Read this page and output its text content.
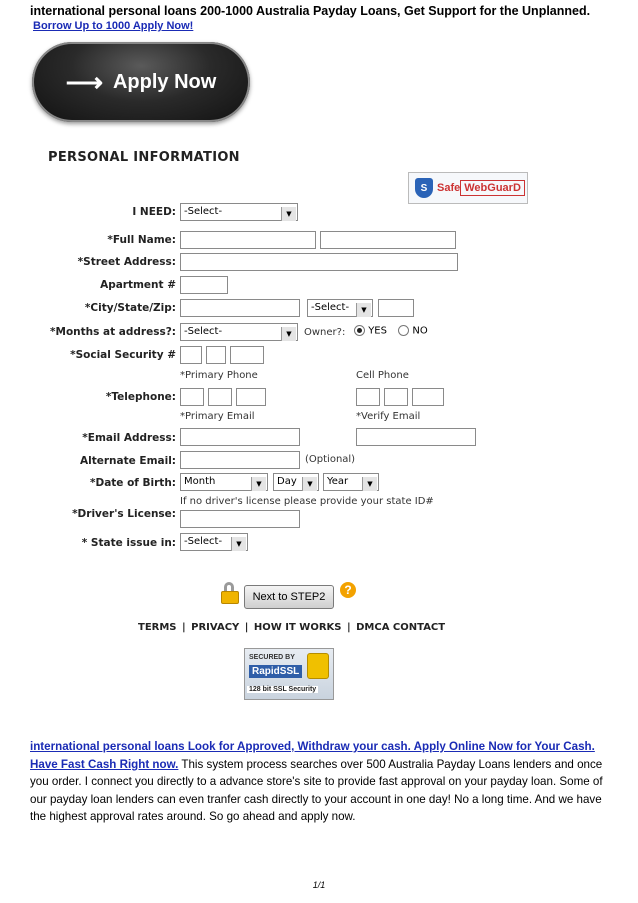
international personal loans 200-1000 Australia Payday Loans, Get Support for the Unplanned.
Borrow Up to 1000 Apply Now!
⟶ Apply Now
PERSONAL INFORMATION
S Safe WebGuarD
I NEED: -Select-	▼
*Full Name:
*Street Address:
Apartment #
*City/State/Zip:	-Select-	▼
*Months at address?: -Select-	▼	Owner?:	YES	NO
*Social Security #
*Primary Phone	Cell Phone
*Telephone:
*Primary Email	*Verify Email
*Email Address:
Alternate Email:	(Optional)
*Date of Birth: Month	▼	Day	▼	Year	▼
If no driver's license please provide your state ID#
*Driver's License:
* State issue in: -Select-	▼
Next to STEP2	?
TERMS | PRIVACY | HOW IT WORKS | DMCA CONTACT
SECURED BY
RapidSSL
128 bit SSL Security
international personal loans Look for Approved, Withdraw your cash. Apply Online Now for Your Cash. Have Fast Cash Right now. This system process searches over 500 Australia Payday Loans lenders and once you order. I connect you directly to a advance store's site to provide fast approval on your payday loan. Some of our payday loan lenders can even tranfer cash directly to your account in one day! No a long time. And we have the highest approval rates around. So go ahead and apply now.
1/1
